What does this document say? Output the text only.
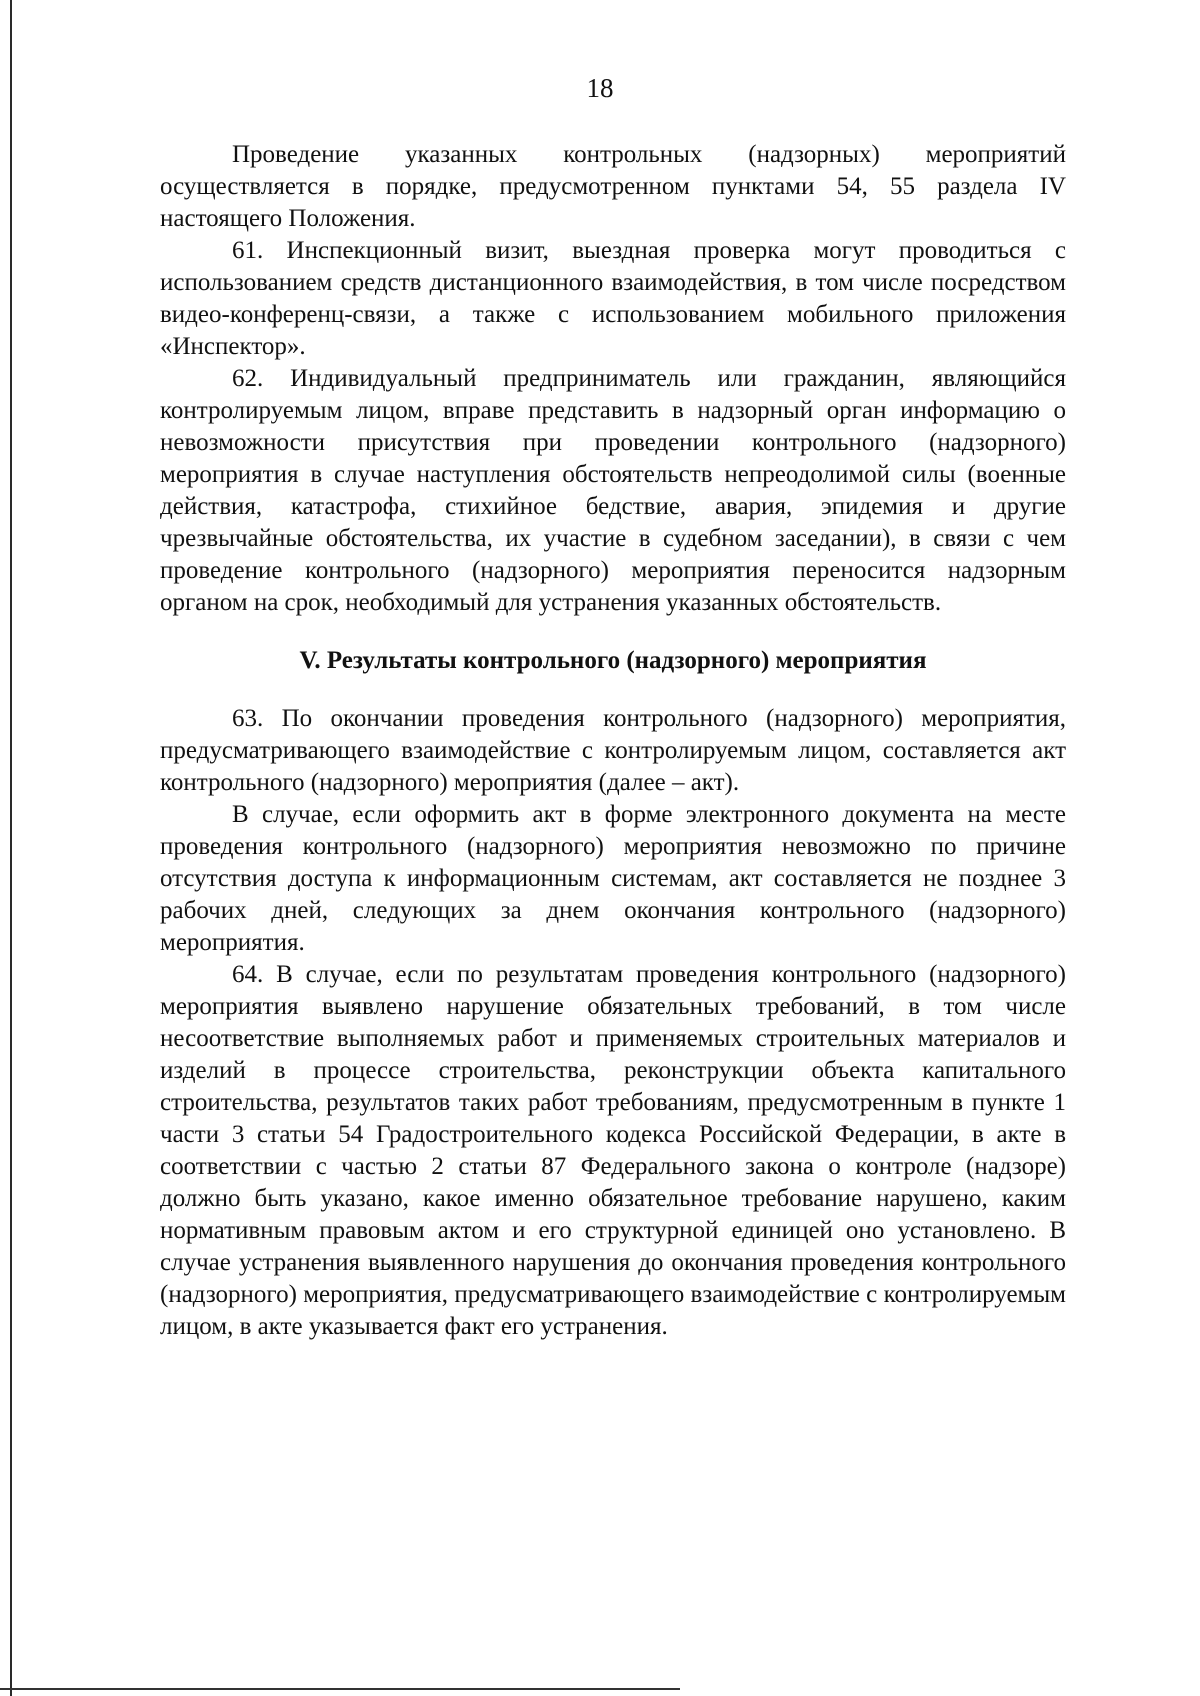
18

Проведение указанных контрольных (надзорных) мероприятий осуществляется в порядке, предусмотренном пунктами 54, 55 раздела IV настоящего Положения.

61. Инспекционный визит, выездная проверка могут проводиться с использованием средств дистанционного взаимодействия, в том числе посредством видео-конференц-связи, а также с использованием мобильного приложения «Инспектор».

62. Индивидуальный предприниматель или гражданин, являющийся контролируемым лицом, вправе представить в надзорный орган информацию о невозможности присутствия при проведении контрольного (надзорного) мероприятия в случае наступления обстоятельств непреодолимой силы (военные действия, катастрофа, стихийное бедствие, авария, эпидемия и другие чрезвычайные обстоятельства, их участие в судебном заседании), в связи с чем проведение контрольного (надзорного) мероприятия переносится надзорным органом на срок, необходимый для устранения указанных обстоятельств.

V. Результаты контрольного (надзорного) мероприятия

63. По окончании проведения контрольного (надзорного) мероприятия, предусматривающего взаимодействие с контролируемым лицом, составляется акт контрольного (надзорного) мероприятия (далее – акт).

В случае, если оформить акт в форме электронного документа на месте проведения контрольного (надзорного) мероприятия невозможно по причине отсутствия доступа к информационным системам, акт составляется не позднее 3 рабочих дней, следующих за днем окончания контрольного (надзорного) мероприятия.

64. В случае, если по результатам проведения контрольного (надзорного) мероприятия выявлено нарушение обязательных требований, в том числе несоответствие выполняемых работ и применяемых строительных материалов и изделий в процессе строительства, реконструкции объекта капитального строительства, результатов таких работ требованиям, предусмотренным в пункте 1 части 3 статьи 54 Градостроительного кодекса Российской Федерации, в акте в соответствии с частью 2 статьи 87 Федерального закона о контроле (надзоре) должно быть указано, какое именно обязательное требование нарушено, каким нормативным правовым актом и его структурной единицей оно установлено. В случае устранения выявленного нарушения до окончания проведения контрольного (надзорного) мероприятия, предусматривающего взаимодействие с контролируемым лицом, в акте указывается факт его устранения.
